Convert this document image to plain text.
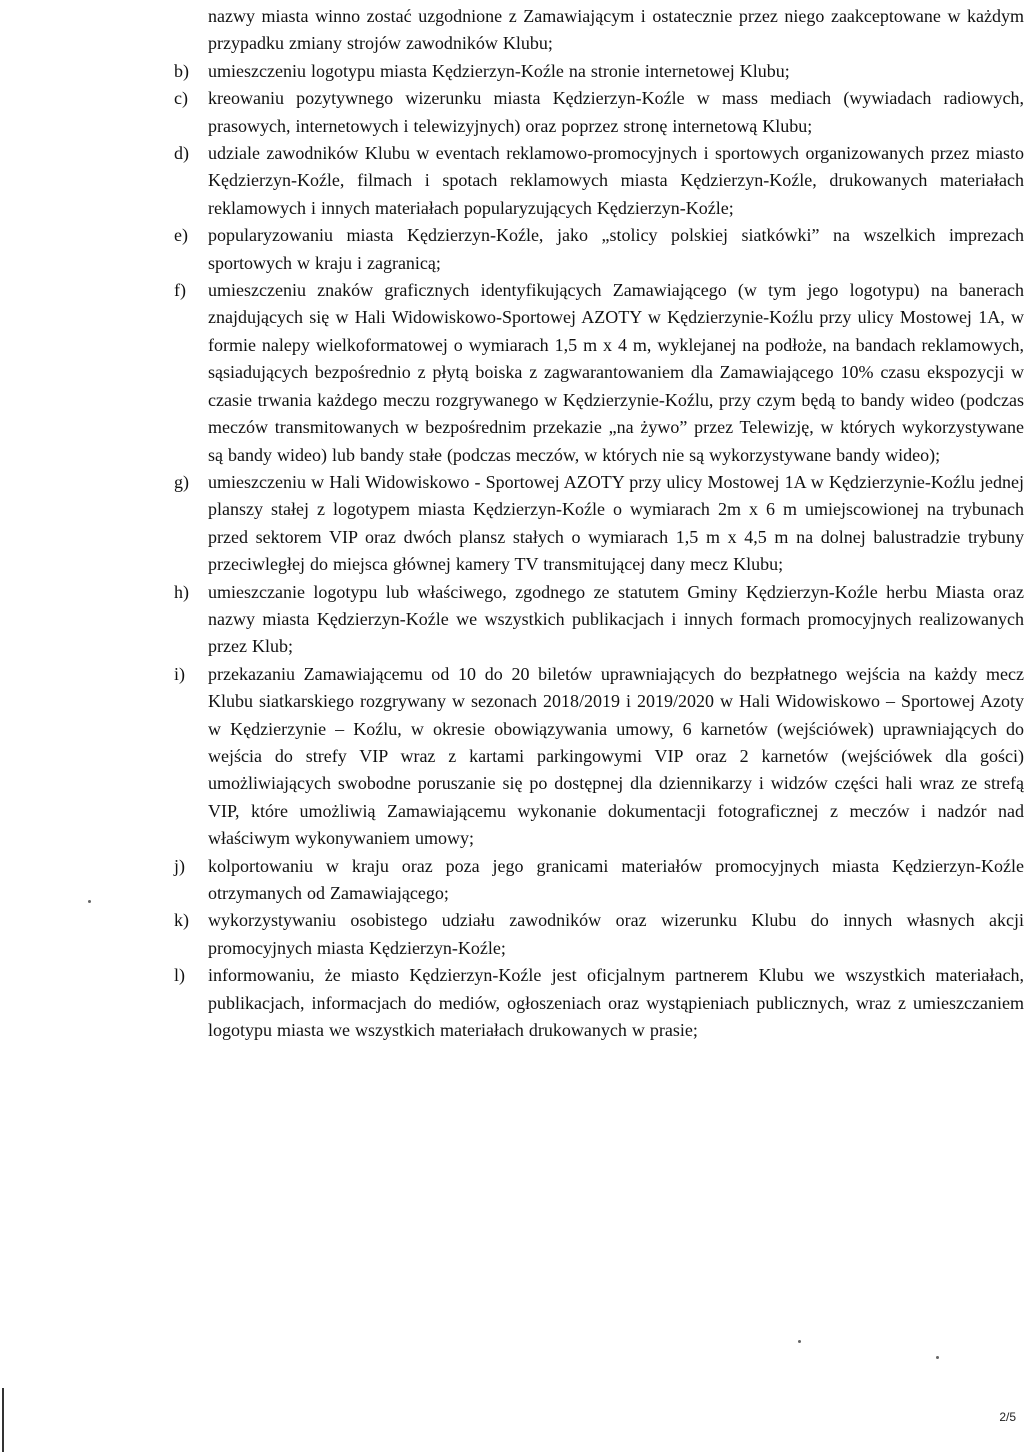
nazwy miasta winno zostać uzgodnione z Zamawiającym i ostatecznie przez niego zaakceptowane w każdym przypadku zmiany strojów zawodników Klubu;
b) umieszczeniu logotypu miasta Kędzierzyn-Koźle na stronie internetowej Klubu;
c) kreowaniu pozytywnego wizerunku miasta Kędzierzyn-Koźle w mass mediach (wywiadach radiowych, prasowych, internetowych i telewizyjnych) oraz poprzez stronę internetową Klubu;
d) udziale zawodników Klubu w eventach reklamowo-promocyjnych i sportowych organizowanych przez miasto Kędzierzyn-Koźle, filmach i spotach reklamowych miasta Kędzierzyn-Koźle, drukowanych materiałach reklamowych i innych materiałach popularyzujących Kędzierzyn-Koźle;
e) popularyzowaniu miasta Kędzierzyn-Koźle, jako „stolicy polskiej siatkówki” na wszelkich imprezach sportowych w kraju i zagranicą;
f) umieszczeniu znaków graficznych identyfikujących Zamawiającego (w tym jego logotypu) na banerach znajdujących się w Hali Widowiskowo-Sportowej AZOTY w Kędzierzynie-Koźlu przy ulicy Mostowej 1A, w formie nalepy wielkoformatowej o wymiarach 1,5 m x 4 m, wyklejanej na podłoże, na bandach reklamowych, sąsiadujących bezpośrednio z płytą boiska z zagwarantowaniem dla Zamawiającego 10% czasu ekspozycji w czasie trwania każdego meczu rozgrywanego w Kędzierzynie-Koźlu, przy czym będą to bandy wideo (podczas meczów transmitowanych w bezpośrednim przekazie „na żywo” przez Telewizję, w których wykorzystywane są bandy wideo) lub bandy stałe (podczas meczów, w których nie są wykorzystywane bandy wideo);
g) umieszczeniu w Hali Widowiskowo - Sportowej AZOTY przy ulicy Mostowej 1A w Kędzierzynie-Koźlu jednej planszy stałej z logotypem miasta Kędzierzyn-Koźle o wymiarach 2m x 6 m umiejscowionej na trybunach przed sektorem VIP oraz dwóch plansz stałych o wymiarach 1,5 m x 4,5 m na dolnej balustradzie trybuny przeciwległej do miejsca głównej kamery TV transmitującej dany mecz Klubu;
h) umieszczanie logotypu lub właściwego, zgodnego ze statutem Gminy Kędzierzyn-Koźle herbu Miasta oraz nazwy miasta Kędzierzyn-Koźle we wszystkich publikacjach i innych formach promocyjnych realizowanych przez Klub;
i) przekazaniu Zamawiającemu od 10 do 20 biletów uprawniających do bezpłatnego wejścia na każdy mecz Klubu siatkarskiego rozgrywany w sezonach 2018/2019 i 2019/2020 w Hali Widowiskowo – Sportowej Azoty w Kędzierzynie – Koźlu, w okresie obowiązywania umowy, 6 karnetów (wejściówek) uprawniających do wejścia do strefy VIP wraz z kartami parkingowymi VIP oraz 2 karnetów (wejściówek dla gości) umożliwiających swobodne poruszanie się po dostępnej dla dziennikarzy i widzów części hali wraz ze strefą VIP, które umożliwią Zamawiającemu wykonanie dokumentacji fotograficznej z meczów i nadzór nad właściwym wykonywaniem umowy;
j) kolportowaniu w kraju oraz poza jego granicami materiałów promocyjnych miasta Kędzierzyn-Koźle otrzymanych od Zamawiającego;
k) wykorzystywaniu osobistego udziału zawodników oraz wizerunku Klubu do innych własnych akcji promocyjnych miasta Kędzierzyn-Koźle;
l) informowaniu, że miasto Kędzierzyn-Koźle jest oficjalnym partnerem Klubu we wszystkich materiałach, publikacjach, informacjach do mediów, ogłoszeniach oraz wystąpieniach publicznych, wraz z umieszczaniem logotypu miasta we wszystkich materiałach drukowanych w prasie;
2/5
